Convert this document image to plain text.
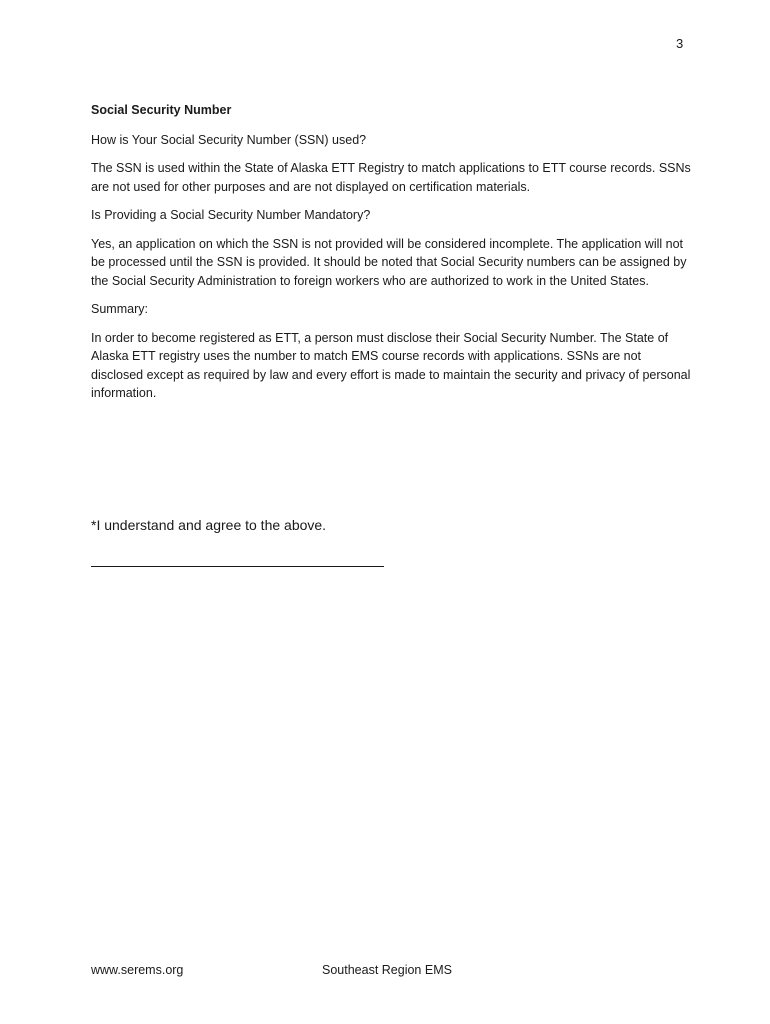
3
Social Security Number

How is Your Social Security Number (SSN) used?

The SSN is used within the State of Alaska ETT Registry to match applications to ETT course records. SSNs are not used for other purposes and are not displayed on certification materials.

Is Providing a Social Security Number Mandatory?

Yes, an application on which the SSN is not provided will be considered incomplete. The application will not be processed until the SSN is provided. It should be noted that Social Security numbers can be assigned by the Social Security Administration to foreign workers who are authorized to work in the United States.

Summary:

In order to become registered as ETT, a person must disclose their Social Security Number. The State of Alaska ETT registry uses the number to match EMS course records with applications. SSNs are not disclosed except as required by law and every effort is made to maintain the security and privacy of personal information.

*I understand and agree to the above.
www.serems.org	Southeast Region EMS
